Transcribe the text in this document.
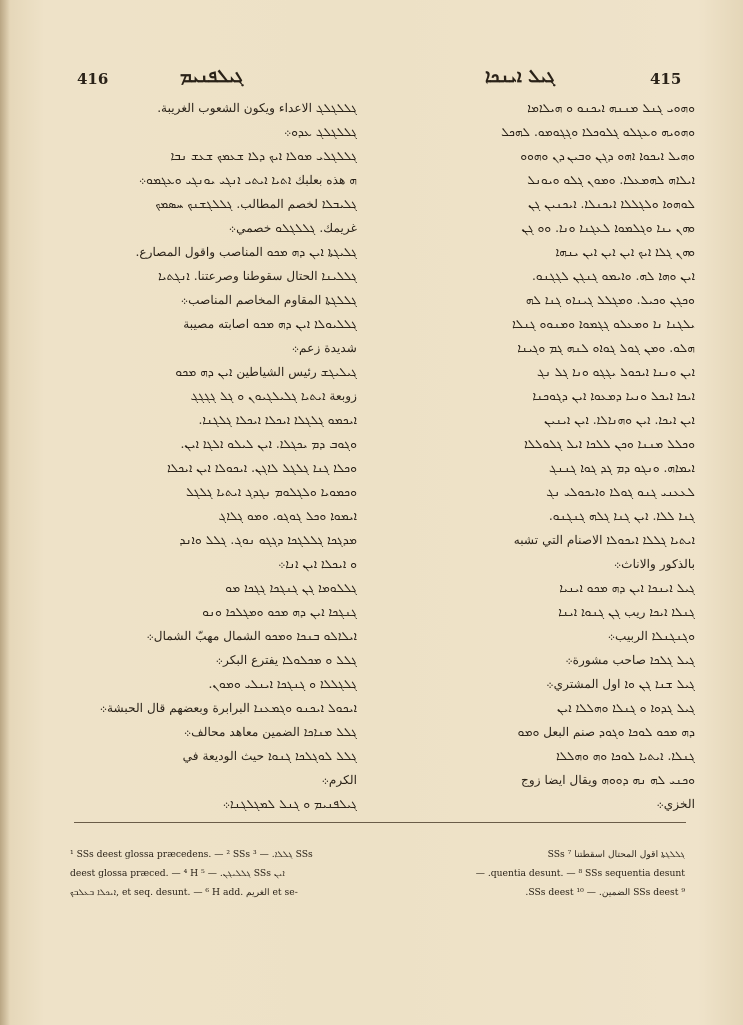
416	ܓܝܠܦܢܝܡ	ܓܝܠ ܐܝܢܟܐ	415

ܓܠܠܓܠܓ الاعداء ويكون الشعوب الغريبة.

ܓܠܠܓܠܓ ܥܕܘ܀

ܓܠܠܓܠ‌ܝ ܡܘܠܐ ܐܝܟ ܕܠܐ ܫܥܡܟ ܫܥܫ ܢܒܐ

ܗ هذه بعلبك ܐܬܝܐ ܐܝܬܝ ܐܢܓܝ ܝܘܢܓܝ ܘܥܓܡܘ܀

ܓܠܝܒܠܐ لخصم المطالب. ܓܠܠܓܫܢܟ ܚܣܡܟ

غريمك. ܓܠܠܓܠܘ خصمي܀

ܓܠܝܓܬܐ ܐܝܢ ܕܗ ܡܟܘ المناصب واقول المصارع.

ܓܠܠܝܢܐ الحتال سقوطنا وصرعتنا. ܐܢܓܬܝܐ

ܓܠܠܓܬܐ المقاوم المخاصم المناصب܀

ܓܠܠܝܘܠܐ ܐܝܢ ܕܗ ܡܟܘ اصابته مصيبة

شديدة زعم܀

ܓܝܠܝܓܫ رئيس الشياطين ܐܝܢ ܕܗ ܡܟܘ

زوبعة ܐܝܬܝܐ ܓܠܝܠܓܝܘܢ ܘ ܓܠ ܓܓܓܓ

ܐܝܟܡܘ ܓܠܓܠܐ ܐܝܟܠܐ ܐܝܟܠܐ ܓܠܓܢܐ.

ܘܓܘܒ ܕܡ ܝܟܓܠܐ. ܐܝܢ ܠܝܠܘ ܐܠܓܐ ܐܝܢ.

ܘܟܠܐ ܓܢܐ ܓܠܓܠ ܠܐܓܢ. ܐܝܟܘܠܐ ܐܝܢ ܐܝܟܠܐ

ܘܟܡܘܝܐ ܘܠܓܠܘܡ ܢܓܕܓ ܐܝܬܝܐ ܓܠܓܠ

ܐܝܡܘܐ ܘܟܠ ܓܘܓܘ. ܘܡܘ ܓܠܐܓ

ܡܕܓܟܐ ܓܠܠܓܟܐ ܕܓܓܘ ܢܘܓ. ܓܠܠ ܘܐܢܕ

ܘ ܐܝܟܠܐ ܐܝܢ ܐܢܐ܀

ܓܠܠܘܡܐ ܓܢ ܓܢܓܟܐ ܓܓܟܐ ܡܘ

ܓܢܓܟܐ ܐܝܢ ܕܗ ܡܟܘ ܘܡܓܠܟܐ ܘܢܘ

ܐܝܠܐܠܘ ܒܢܟܐ ܘܡܟܘ الشمال مهبّ الشمال܀

ܓܠܠ ܘ ܡܟܠܘܠܐ يفترع البكر܀

ܓܠܓܠܠܐ ܘ ܓܢܓܟܐ ܐܝܢܠܝ ܘܡܘܢ.

ܐܝܟܘܠ ܐܝܟܢܘ ܘܓܡܥܢܐ البرابرة وبعضهم قال الحبشة܀

ܓܠܠ ܡܢܐܟܐ الضمين معاهد محالف܀

ܓܠܠ ܠܘܓܠܟܐ ܓܢܘܐ حيث الوديعة في

الكرم܀

ܓܝܠܦܢܝܡ ܘ ܓܢܠ ܠܡܓܠܓܢܐ܀

ܘܗܘܝ ܓܢܠ ܡܢܢܗ ܐܝܟܢܘ ܘ ܗܝܠܐܡܐ

ܘܗܘܝܗ ܘܥܓܠܘ ܓܠܘܟܠܐ ܘܓܓܘܡܘ. ܠܗܟܠ

ܘܗܝܠ ܐܝܟܘܐ ܐܗܘ ܕܓܢ ܘܒܝܢ ܕܢ ܘܗܘܘ

ܐܝܠܐܗ ܠܗܡܥܠܐ. ܘܡܘܢ ܓܠܘ ܘܝܘܢܠ

ܠܘܗܘܐ ܘܠܓܠܠܐ ܐܝܟܢܠܐ. ܐܝܟܢܝܢ ܓܢ

ܘܗܢ ܝܢܐ ܘܓܠܡܘܐ ܠܥܓܢܐ ܘܢܐ. ܘܘ ܓܢ

ܘܗܢ ܓܠܐ ܐܝܟ ܐܝܢ ܐܝܢ ܐܝܢ ܝܢܗܐ

ܐܝܢ ܘܗܐ ܠܗ. ܘܐܝܡܘ ܓܢܓܢ ܠܓܓܢܘ.

ܘܟܓܢ ܘܟܝܠ. ܘܡܓܠܠ ܓܝܢܐܘ ܓܢܐ ܠܗ

ܝܠܓܢܐ ܢܐ ܘܡܥܠܘ ܓܓܡܘܐ ܘܡܢܘܘ ܓܢܠܐ

ܗܠܘ. ܘܡܢ ܓܘܠ ܓܘܐܘ ܠܢܗ ܓܡ ܘܓܝܢܐ

ܐܝܢ ܘܢܢܐ ܐܝܟܘܠ ܝܓܓܘ ܘܢܐ ܓܠ ܢܓ

ܐܝܟܐ ܐܝܟܠ ܘܢܝܐ ܕܡܥܘܐ ܐܝܢ ܕܓܘܟܢܐ

ܐܝܢ ܐܝܟܐ. ܐܝܢ ܘܗܢܐܠܐ. ܐܝܢ ܐܝܢܝܢ

ܘܟܠܠ ܡܢܢܐ ܘܟܢ ܠܠܟܐ ܐܝܠ ܓܠܘܠܠܐ

ܐܝܡܐܗ. ܘܢܓܘ ܕܡ ܓܕ ܓܘܐ ܓܢܢܓ

ܠܥܥܢܝ ܓܢܘ ܓܘܠܐ ܘܐܝܟܘܠܝ ܢܓ

ܓܢܐ ܠܠܐ. ܐܝܢ ܓܢܐ ܓܠܗ ܓܢܓܢܘ.

ܐܝܬܝܐ ܓܠܠܐ ܐܝܟܘܠܐ الاصنام التي تشبه

بالذكور والاناث܀

ܓܝܠ ܐܝܢܟܐ ܐܝܢ ܕܗ ܡܟܘ ܐܝܢܝܐ

ܓܢܠܐ ܐܝܟܐ ريب ܓܢ ܓܢܘܐ ܐܝܢܐ

ܘܓܢܓܢܠܐ الربيب܀

ܓܝܠ ܓܠܟܐ صاحب مشورة܀

ܓܝܠ ܫܢܐ ܓܢ ܘܐ اول المشتري܀

ܓܝܠ ܓܕܘܐ ܘ ܓܢܠܐ ܘܗܠܠܐ ܐܝܢ

ܕܗ ܡܟܘ ܠܘܟܐ ܘܓܘܕ صنم البعل ܘܡܘ

ܓܢܠܐ. ܐܝܬܝܐ ܠܘܟܐ ܘܗ ܘܗܠܠܐ

ܘܟܢܝ ܠܗ ܢܗ ܕܘܘܗ ويقال ايضا زوج

الخزي܀

¹ SSs deest glossa præcedens. — ² SSs ܓܠܠܐ. — ³ SSs

deest glossa præced. — ⁴ H ܓܠܠܝܓܢ. — ⁵ SSs ܐܝܢ

ܐܝܟܠܐ ܒܥܠܒܟ, et seq. desunt. — ⁶ H add. الغريم et se-

ܓܠܠܓܬܐ اقول المحتال اسقطتنا SSs ⁷

quentia desunt. — ⁸ SSs sequentia desunt. —

⁹ SSs deest الضمين. — ¹⁰ SSs deest.
